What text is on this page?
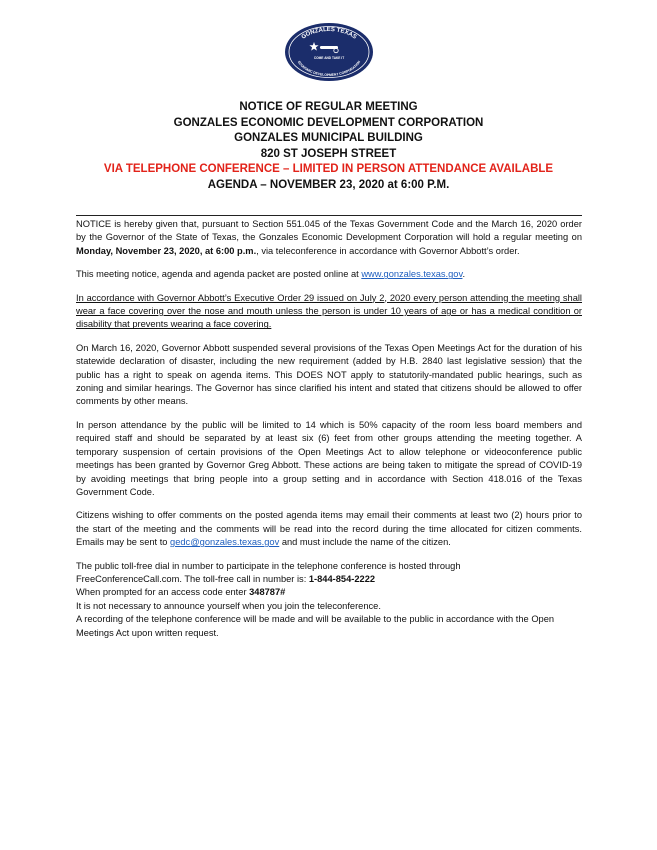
GONZALES TEXAS
ECONOMIC DEVELOPMENT CORPORATION
COME AND TAKE IT
NOTICE OF REGULAR MEETING
GONZALES ECONOMIC DEVELOPMENT CORPORATION
GONZALES MUNICIPAL BUILDING
820 ST JOSEPH STREET
VIA TELEPHONE CONFERENCE – LIMITED IN PERSON ATTENDANCE AVAILABLE
AGENDA – NOVEMBER 23, 2020 at 6:00 P.M.

NOTICE is hereby given that, pursuant to Section 551.045 of the Texas Government Code and the March 16, 2020 order by the Governor of the State of Texas, the Gonzales Economic Development Corporation will hold a regular meeting on Monday, November 23, 2020, at 6:00 p.m., via teleconference in accordance with Governor Abbott’s order.

This meeting notice, agenda and agenda packet are posted online at www.gonzales.texas.gov.

In accordance with Governor Abbott’s Executive Order 29 issued on July 2, 2020 every person attending the meeting shall wear a face covering over the nose and mouth unless the person is under 10 years of age or has a medical condition or disability that prevents wearing a face covering.

On March 16, 2020, Governor Abbott suspended several provisions of the Texas Open Meetings Act for the duration of his statewide declaration of disaster, including the new requirement (added by H.B. 2840 last legislative session) that the public has a right to speak on agenda items. This DOES NOT apply to statutorily-mandated public hearings, such as zoning and similar hearings. The Governor has since clarified his intent and stated that citizens should be allowed to offer comments by other means.

In person attendance by the public will be limited to 14 which is 50% capacity of the room less board members and required staff and should be separated by at least six (6) feet from other groups attending the meeting together. A temporary suspension of certain provisions of the Open Meetings Act to allow telephone or videoconference public meetings has been granted by Governor Greg Abbott. These actions are being taken to mitigate the spread of COVID-19 by avoiding meetings that bring people into a group setting and in accordance with Section 418.016 of the Texas Government Code.

Citizens wishing to offer comments on the posted agenda items may email their comments at least two (2) hours prior to the start of the meeting and the comments will be read into the record during the time allocated for citizen comments. Emails may be sent to gedc@gonzales.texas.gov and must include the name of the citizen.

The public toll-free dial in number to participate in the telephone conference is hosted through
FreeConferenceCall.com. The toll-free call in number is: 1-844-854-2222
When prompted for an access code enter 348787#
It is not necessary to announce yourself when you join the teleconference.
A recording of the telephone conference will be made and will be available to the public in accordance with the Open Meetings Act upon written request.
